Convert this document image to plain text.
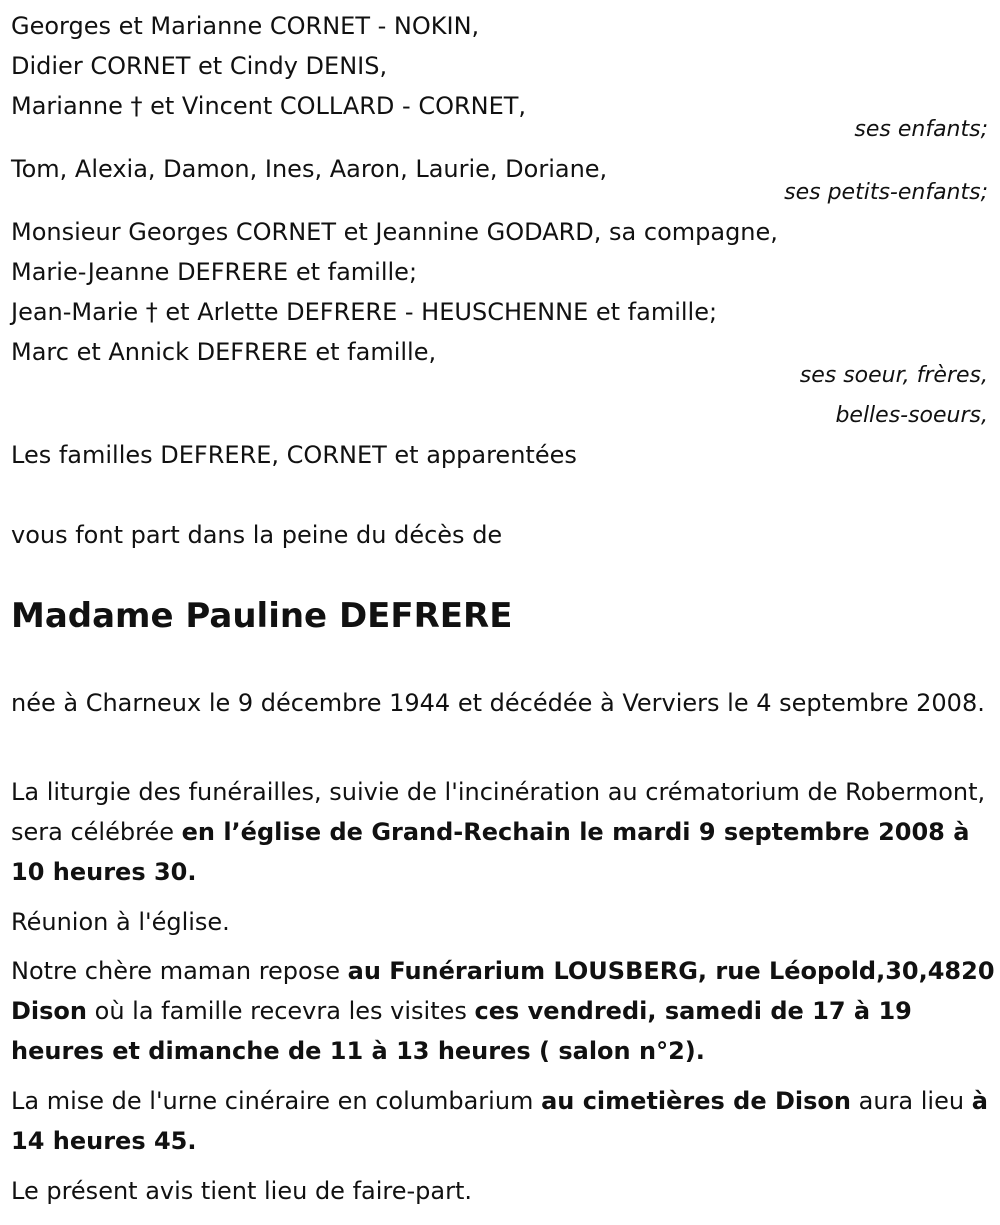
Georges et Marianne CORNET - NOKIN,
Didier CORNET et Cindy DENIS,
Marianne † et Vincent COLLARD - CORNET,
ses enfants;
Tom, Alexia, Damon, Ines, Aaron, Laurie, Doriane,
ses petits-enfants;
Monsieur Georges CORNET et Jeannine GODARD, sa compagne,
Marie-Jeanne DEFRERE et famille;
Jean-Marie † et Arlette DEFRERE - HEUSCHENNE et famille;
Marc et Annick DEFRERE et famille,
ses soeur, frères,
belles-soeurs,
Les familles DEFRERE, CORNET et apparentées
vous font part dans la peine du décès de
Madame Pauline DEFRERE
née à Charneux le 9 décembre 1944 et décédée à Verviers le 4 septembre 2008.
La liturgie des funérailles, suivie de l'incinération au crématorium de Robermont, sera célébrée en l’église de Grand-Rechain le mardi 9 septembre 2008 à 10 heures 30.
Réunion à l'église.
Notre chère maman repose au Funérarium LOUSBERG, rue Léopold,30,4820 Dison où la famille recevra les visites ces vendredi, samedi de 17 à 19 heures et dimanche de 11 à 13 heures ( salon n°2).
La mise de l'urne cinéraire en columbarium au cimetières de Dison aura lieu à 14 heures 45.
Le présent avis tient lieu de faire-part.
